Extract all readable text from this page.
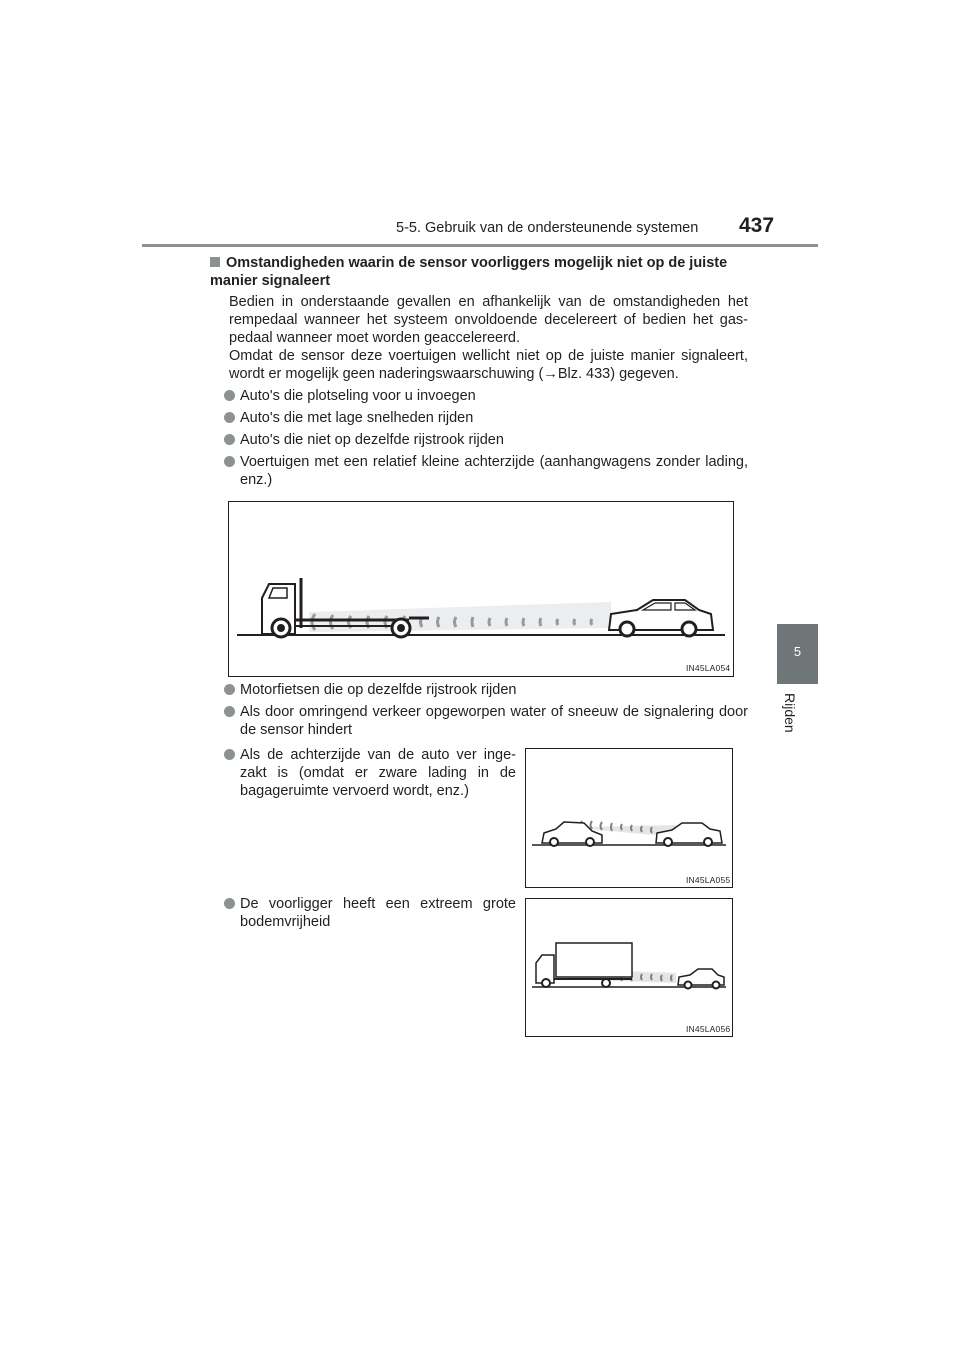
5-5. Gebruik van de ondersteunende systemen 437
5
Rijden
Omstandigheden waarin de sensor voorliggers mogelijk niet op de juiste manier signaleert

Bedien in onderstaande gevallen en afhankelijk van de omstandigheden het rempedaal wanneer het systeem onvoldoende decelereert of bedien het gas-pedaal wanneer moet worden geaccelereerd.

Omdat de sensor deze voertuigen wellicht niet op de juiste manier signaleert, wordt er mogelijk geen naderingswaarschuwing (→Blz. 433) gegeven.

Auto's die plotseling voor u invoegen
Auto's die met lage snelheden rijden
Auto's die niet op dezelfde rijstrook rijden
Voertuigen met een relatief kleine achterzijde (aanhangwagens zonder lading, enz.)
IN45LA054
Motorfietsen die op dezelfde rijstrook rijden
Als door omringend verkeer opgeworpen water of sneeuw de signalering door de sensor hindert
Als de achterzijde van de auto ver inge-zakt is (omdat er zware lading in de bagageruimte vervoerd wordt, enz.)
IN45LA055
De voorligger heeft een extreem grote bodemvrijheid
IN45LA056
